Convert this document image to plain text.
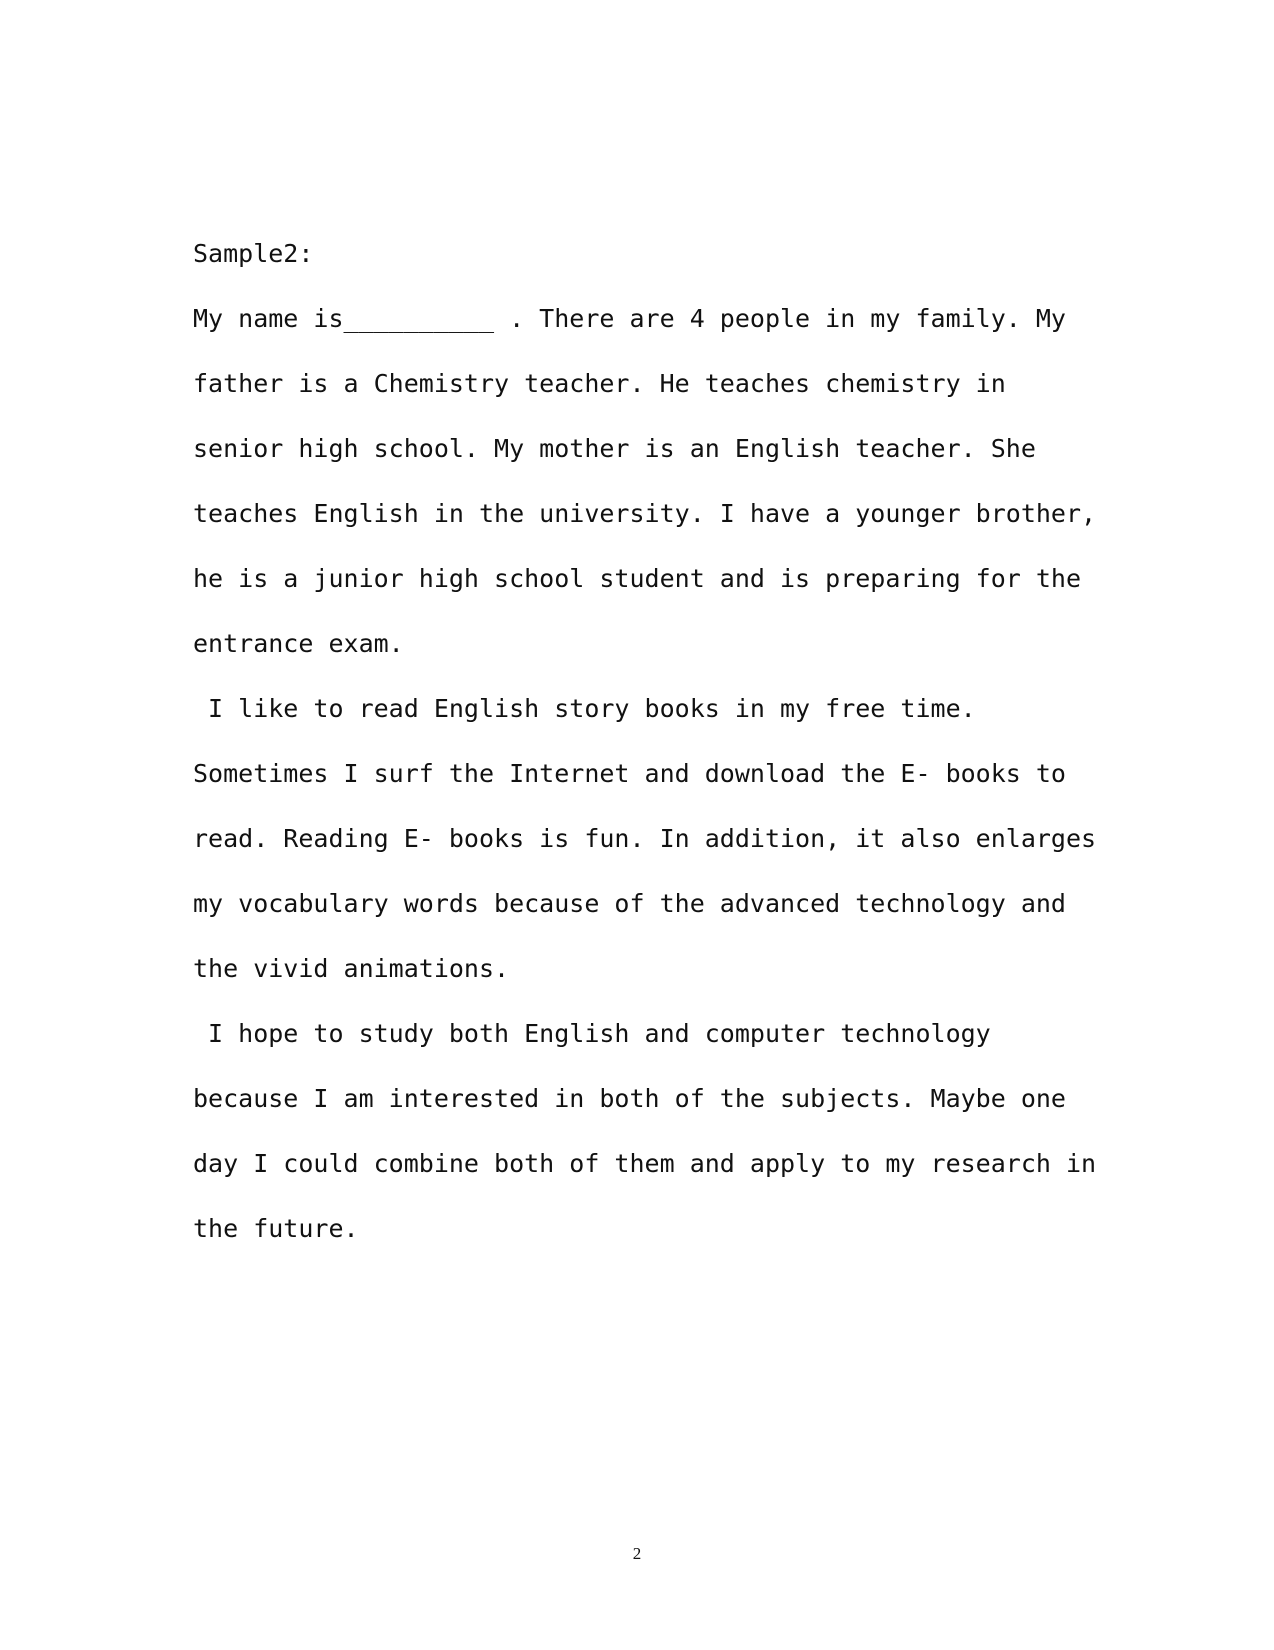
Sample2:
My name is__________ . There are 4 people in my family. My
father is a Chemistry teacher. He teaches chemistry in
senior high school. My mother is an English teacher. She
teaches English in the university. I have a younger brother,
he is a junior high school student and is preparing for the
entrance exam.
I like to read English story books in my free time.
Sometimes I surf the Internet and download the E- books to
read. Reading E- books is fun. In addition, it also enlarges
my vocabulary words because of the advanced technology and
the vivid animations.
I hope to study both English and computer technology
because I am interested in both of the subjects. Maybe one
day I could combine both of them and apply to my research in
the future.
2
